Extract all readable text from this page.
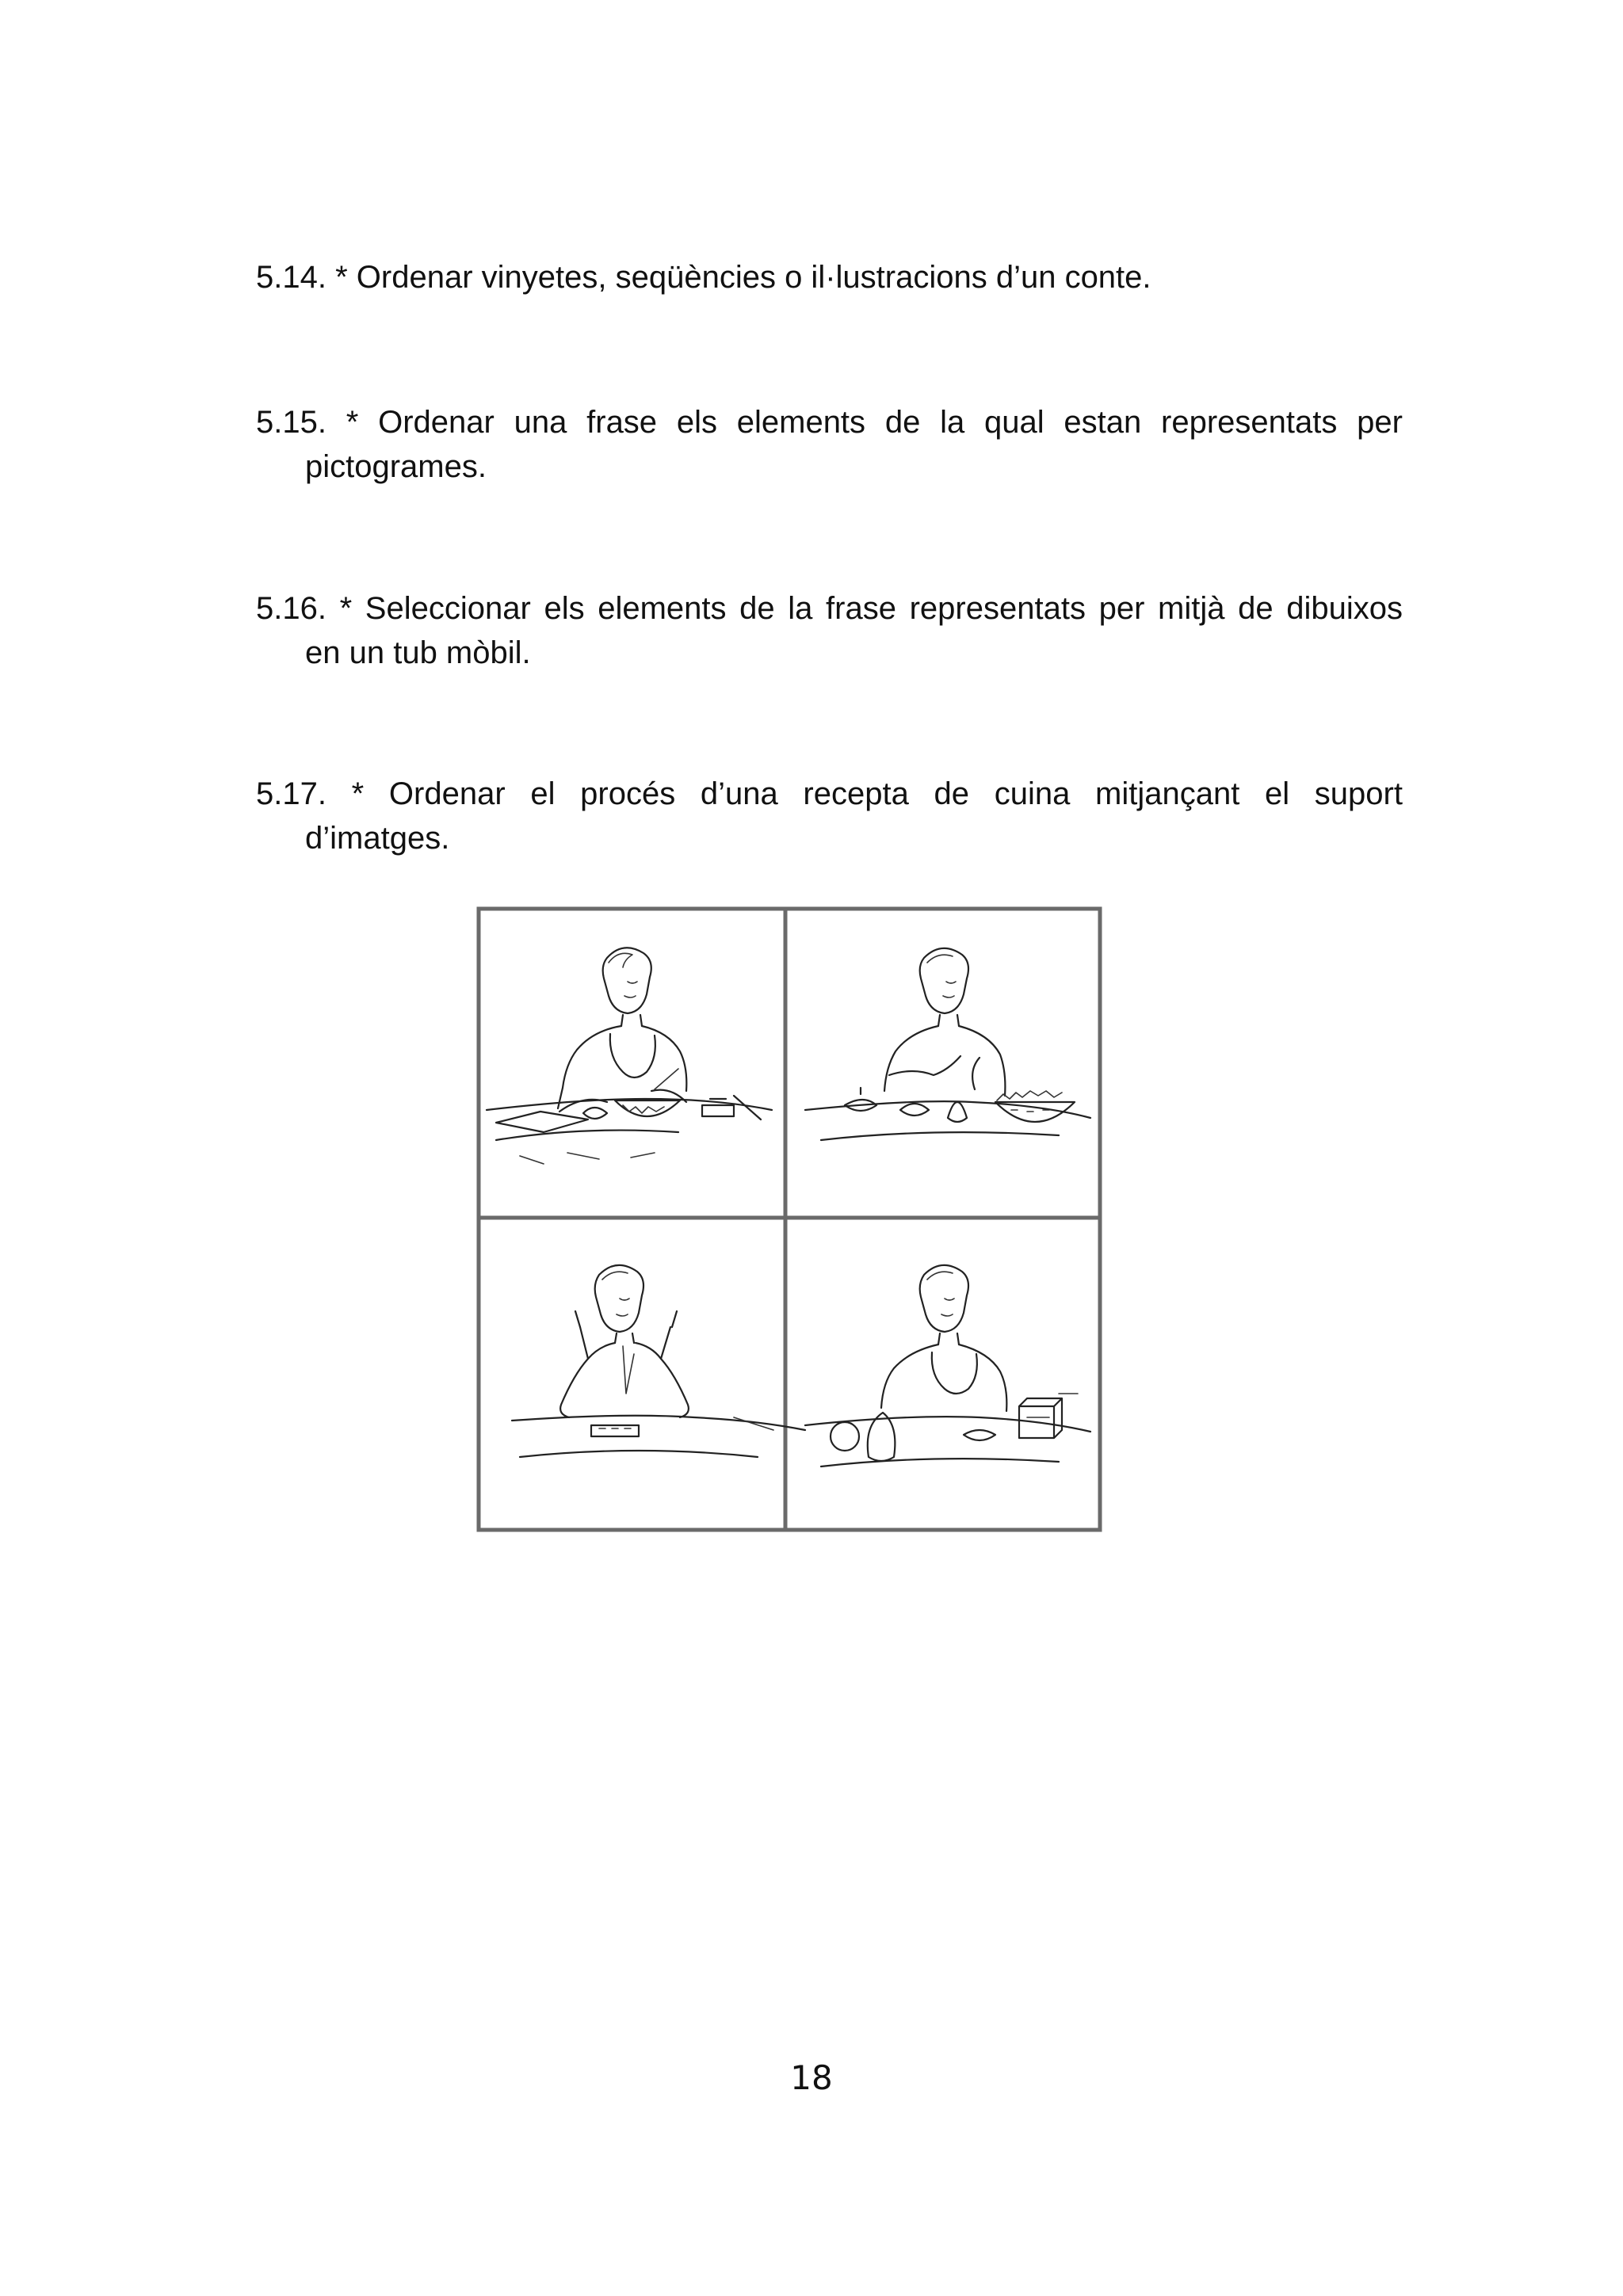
5.14. * Ordenar vinyetes, seqüències o il·lustracions d’un conte.

5.15. * Ordenar una frase els elements de la qual estan representats per
pictogrames.

5.16. * Seleccionar els elements de la frase representats per mitjà de dibuixos
en un tub mòbil.

5.17. * Ordenar el procés d’una recepta de cuina mitjançant el suport
d’imatges.

18
